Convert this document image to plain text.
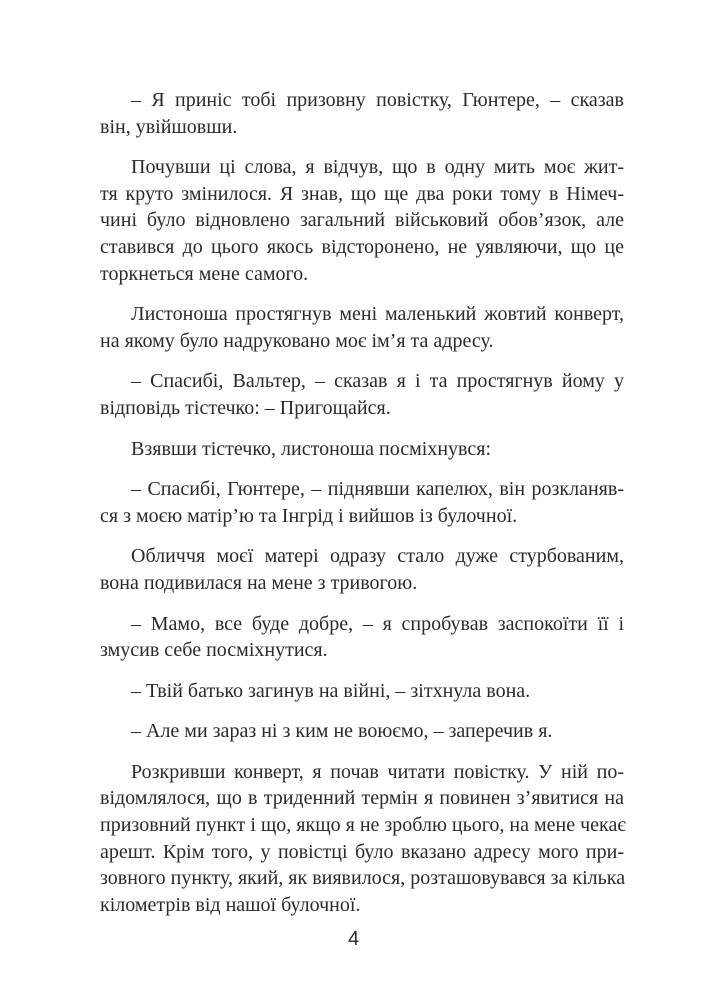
– Я приніс тобі призовну повістку, Гюнтере, – сказав
він, увійшовши.
Почувши ці слова, я відчув, що в одну мить моє жит-
тя круто змінилося. Я знав, що ще два роки тому в Німеч-
чині було відновлено загальний військовий обов’язок, але
ставився до цього якось відсторонено, не уявляючи, що це
торкнеться мене самого.
Листоноша простягнув мені маленький жовтий конверт,
на якому було надруковано моє ім’я та адресу.
– Спасибі, Вальтер, – сказав я і та простягнув йому у
відповідь тістечко: – Пригощайся.
Взявши тістечко, листоноша посміхнувся:
– Спасибі, Гюнтере, – піднявши капелюх, він розкланяв-
ся з моєю матір’ю та Інгрід і вийшов із булочної.
Обличчя моєї матері одразу стало дуже стурбованим,
вона подивилася на мене з тривогою.
– Мамо, все буде добре, – я спробував заспокоїти її і
змусив себе посміхнутися.
– Твій батько загинув на війні, – зітхнула вона.
– Але ми зараз ні з ким не воюємо, – заперечив я.
Розкривши конверт, я почав читати повістку. У ній по-
відомлялося, що в триденний термін я повинен з’явитися на
призовний пункт і що, якщо я не зроблю цього, на мене чекає
арешт. Крім того, у повістці було вказано адресу мого при-
зовного пункту, який, як виявилося, розташовувався за кілька
кілометрів від нашої булочної.
4
